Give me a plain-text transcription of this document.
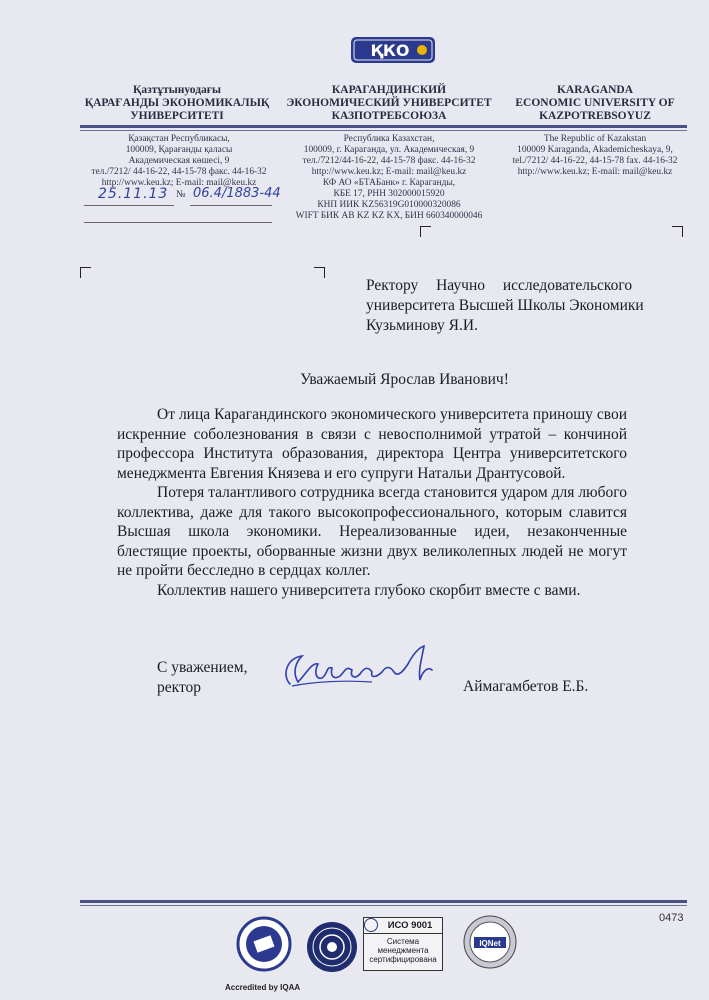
ҚКО
Қазтұтынуодағы
ҚАРАҒАНДЫ ЭКОНОМИКАЛЫҚ
УНИВЕРСИТЕТІ
КАРАГАНДИНСКИЙ
ЭКОНОМИЧЕСКИЙ УНИВЕРСИТЕТ
КАЗПОТРЕБСОЮЗА
KARAGANDA
ECONOMIC UNIVERSITY OF
KAZPOTREBSOYUZ
Қазақстан Республикасы,
100009, Қарағанды қаласы
Академическая көшесі, 9
тел./7212/ 44-16-22, 44-15-78 факс. 44-16-32
http://www.keu.kz; E-mail: mail@keu.kz
Республика Казахстан,
100009, г. Караганда, ул. Академическая, 9
тел./7212/44-16-22, 44-15-78 факс. 44-16-32
http://www.keu.kz; E-mail: mail@keu.kz
КФ АО «БТАБанк» г. Караганды,
КБЕ 17, РНН 302000015920
КНП ИИК KZ56319G010000320086
WIFT БИК АВ KZ KZ KX, БИН 660340000046
The Republic of Kazakstan
100009 Karaganda, Akademicheskaya, 9,
tel./7212/ 44-16-22, 44-15-78 fax. 44-16-32
http://www.keu.kz; E-mail: mail@keu.kz
25.11.13 № 06.4/1883-44
Ректору Научно исследовательского
университета Высшей Школы Экономики
Кузьминову Я.И.
Уважаемый Ярослав Иванович!

От лица Карагандинского экономического университета приношу свои искренние соболезнования в связи с невосполнимой утратой – кончиной профессора Института образования, директора Центра университетского менеджмента Евгения Князева и его супруги Натальи Дрантусовой.

Потеря талантливого сотрудника всегда становится ударом для любого коллектива, даже для такого высокопрофессионального, которым славится Высшая школа экономики. Нереализованные идеи, незаконченные блестящие проекты, оборванные жизни двух великолепных людей не могут не пройти бесследно в сердцах коллег.

Коллектив нашего университета глубоко скорбит вместе с вами.

С уважением,
ректор	Аймагамбетов Е.Б.
0473
Accredited by IQAA
ИСО 9001
Система
менеджмента
сертифицирована
IQNet
